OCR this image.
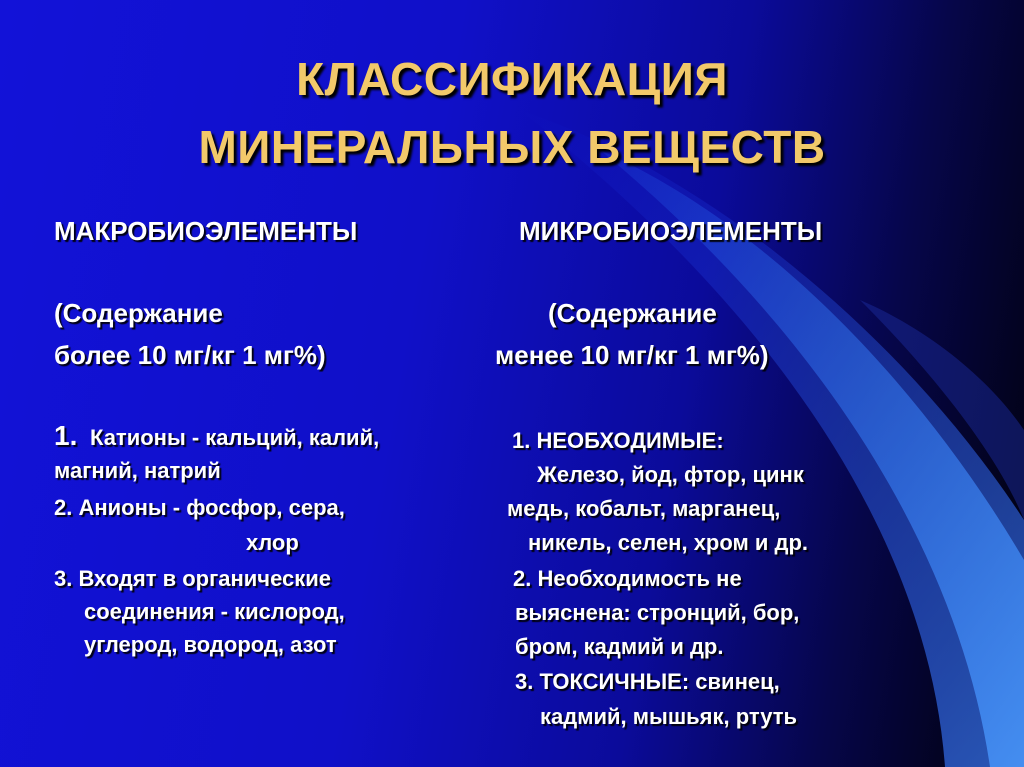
КЛАССИФИКАЦИЯ
МИНЕРАЛЬНЫХ ВЕЩЕСТВ
МАКРОБИОЭЛЕМЕНТЫ
(Содержание
более 10 мг/кг 1 мг%)
1. Катионы - кальций, калий,
магний, натрий
2. Анионы - фосфор, сера,
хлор
3. Входят в органические
соединения - кислород,
углерод, водород, азот
МИКРОБИОЭЛЕМЕНТЫ
(Содержание
менее 10 мг/кг 1 мг%)
1. НЕОБХОДИМЫЕ:
Железо, йод, фтор, цинк
медь, кобальт, марганец,
никель, селен, хром и др.
2. Необходимость не
выяснена: стронций, бор,
бром, кадмий и др.
3. ТОКСИЧНЫЕ: свинец,
кадмий, мышьяк, ртуть
